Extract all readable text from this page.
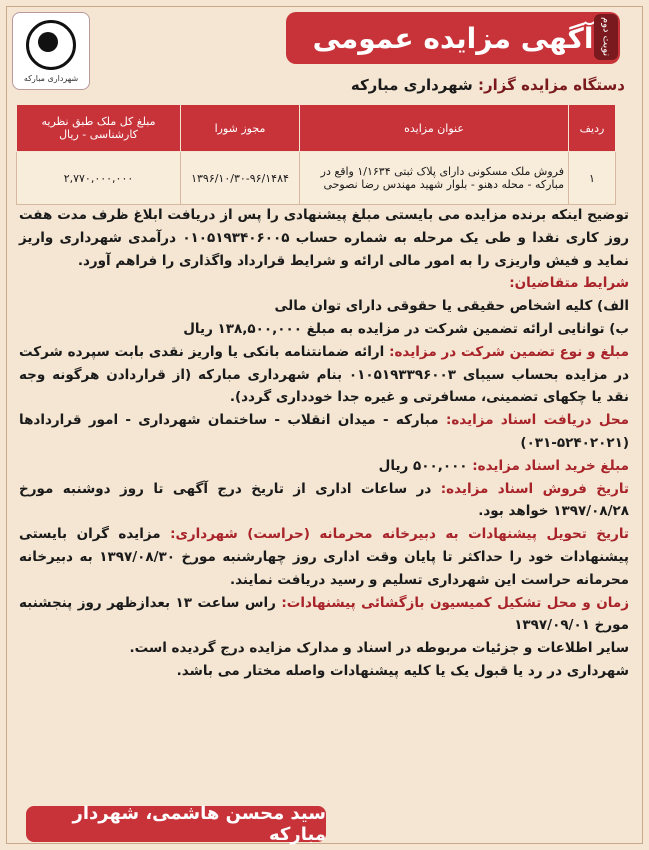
آگهی مزایده عمومی نوبت دوم
شهرداری مبارکه	دستگاه مزایده گزار: شهرداری مبارکه
ردیف	عنوان مزایده	مجوز شورا	مبلغ کل ملک طبق نظریه کارشناسی - ریال
۱	فروش ملک مسکونی دارای پلاک ثبتی ۱/۱۶۳۴ واقع در مبارکه - محله دهنو - بلوار شهید مهندس رضا نصوحی	۱۳۹۶/۱۰/۳۰-۹۶/۱۴۸۴	۲,۷۷۰,۰۰۰,۰۰۰

توضیح اینکه برنده مزایده می بایستی مبلغ پیشنهادی را پس از دریافت ابلاغ ظرف مدت هفت روز کاری نقدا و طی یک مرحله به شماره حساب ۰۱۰۵۱۹۳۴۰۶۰۰۵ درآمدی شهرداری واریز نماید و فیش واریزی را به امور مالی ارائه و شرایط قرارداد واگذاری را فراهم آورد.

شرایط متقاضیان:

الف) کلیه اشخاص حقیقی یا حقوقی دارای توان مالی

ب) توانایی ارائه تضمین شرکت در مزایده به مبلغ ۱۳۸,۵۰۰,۰۰۰ ریال

مبلغ و نوع تضمین شرکت در مزایده: ارائه ضمانتنامه بانکی یا واریز نقدی بابت سپرده شرکت در مزایده بحساب سیبای ۰۱۰۵۱۹۳۳۹۶۰۰۳ بنام شهرداری مبارکه (از قراردادن هرگونه وجه نقد یا چکهای تضمینی، مسافرتی و غیره جدا خودداری گردد).

محل دریافت اسناد مزایده: مبارکه - میدان انقلاب - ساختمان شهرداری - امور قراردادها (۵۲۴۰۲۰۲۱-۰۳۱)

مبلغ خرید اسناد مزایده: ۵۰۰,۰۰۰ ریال

تاریخ فروش اسناد مزایده: در ساعات اداری از تاریخ درج آگهی تا روز دوشنبه مورخ ۱۳۹۷/۰۸/۲۸ خواهد بود.

تاریخ تحویل پیشنهادات به دبیرخانه محرمانه (حراست) شهرداری: مزایده گران بایستی پیشنهادات خود را حداکثر تا پایان وقت اداری روز چهارشنبه مورخ ۱۳۹۷/۰۸/۳۰ به دبیرخانه محرمانه حراست این شهرداری تسلیم و رسید دریافت نمایند.

زمان و محل تشکیل کمیسیون بازگشائی پیشنهادات: راس ساعت ۱۳ بعدازظهر روز پنجشنبه مورخ ۱۳۹۷/۰۹/۰۱

سایر اطلاعات و جزئیات مربوطه در اسناد و مدارک مزایده درج گردیده است.

شهرداری در رد یا قبول یک یا کلیه پیشنهادات واصله مختار می باشد.

سید محسن هاشمی، شهردار مبارکه
